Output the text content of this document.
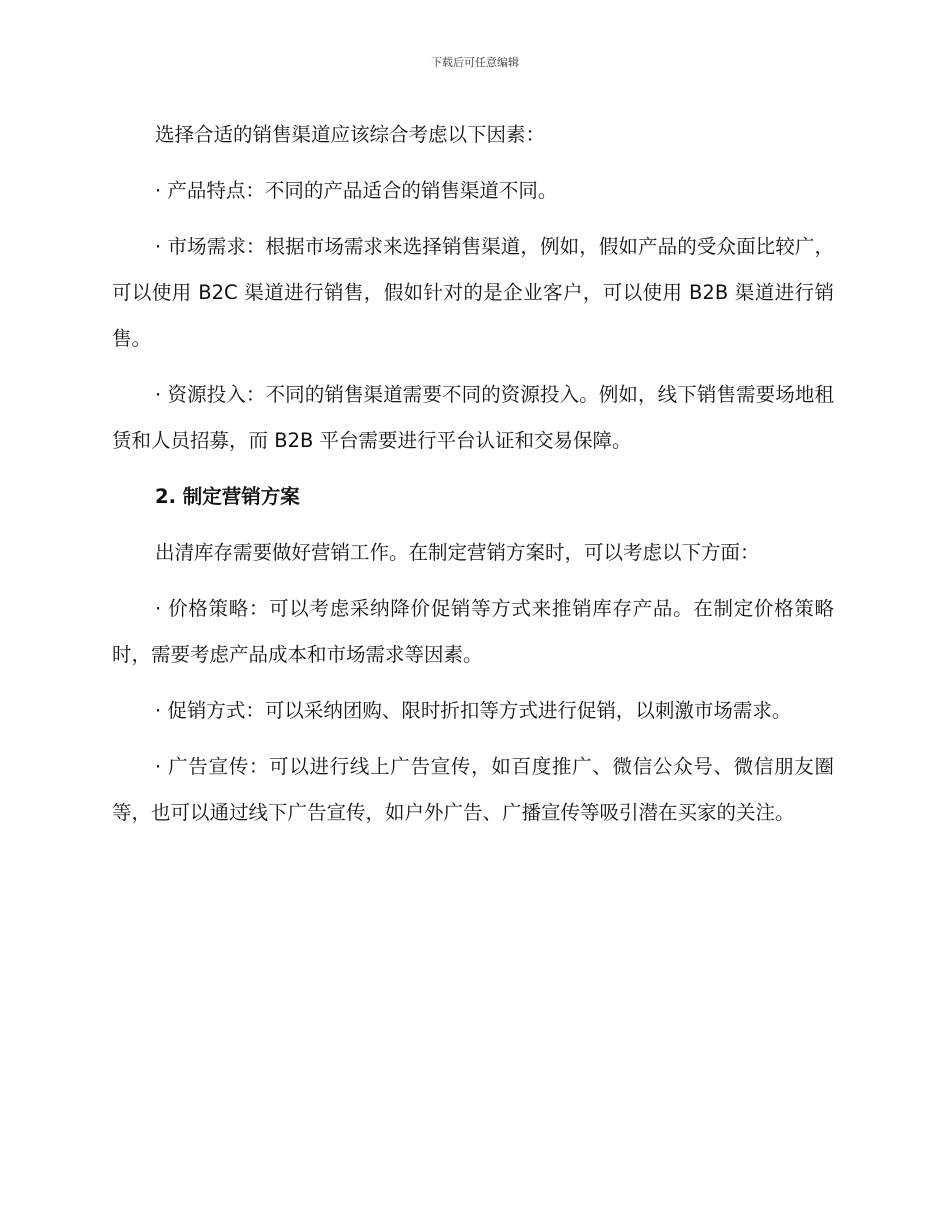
下载后可任意编辑

选择合适的销售渠道应该综合考虑以下因素：

· 产品特点：不同的产品适合的销售渠道不同。

· 市场需求：根据市场需求来选择销售渠道，例如，假如产品的受众面比较广，可以使用 B2C 渠道进行销售，假如针对的是企业客户，可以使用 B2B 渠道进行销售。

· 资源投入：不同的销售渠道需要不同的资源投入。例如，线下销售需要场地租赁和人员招募，而 B2B 平台需要进行平台认证和交易保障。

2. 制定营销方案

出清库存需要做好营销工作。在制定营销方案时，可以考虑以下方面：

· 价格策略：可以考虑采纳降价促销等方式来推销库存产品。在制定价格策略时，需要考虑产品成本和市场需求等因素。

· 促销方式：可以采纳团购、限时折扣等方式进行促销，以刺激市场需求。

· 广告宣传：可以进行线上广告宣传，如百度推广、微信公众号、微信朋友圈等，也可以通过线下广告宣传，如户外广告、广播宣传等吸引潜在买家的关注。
